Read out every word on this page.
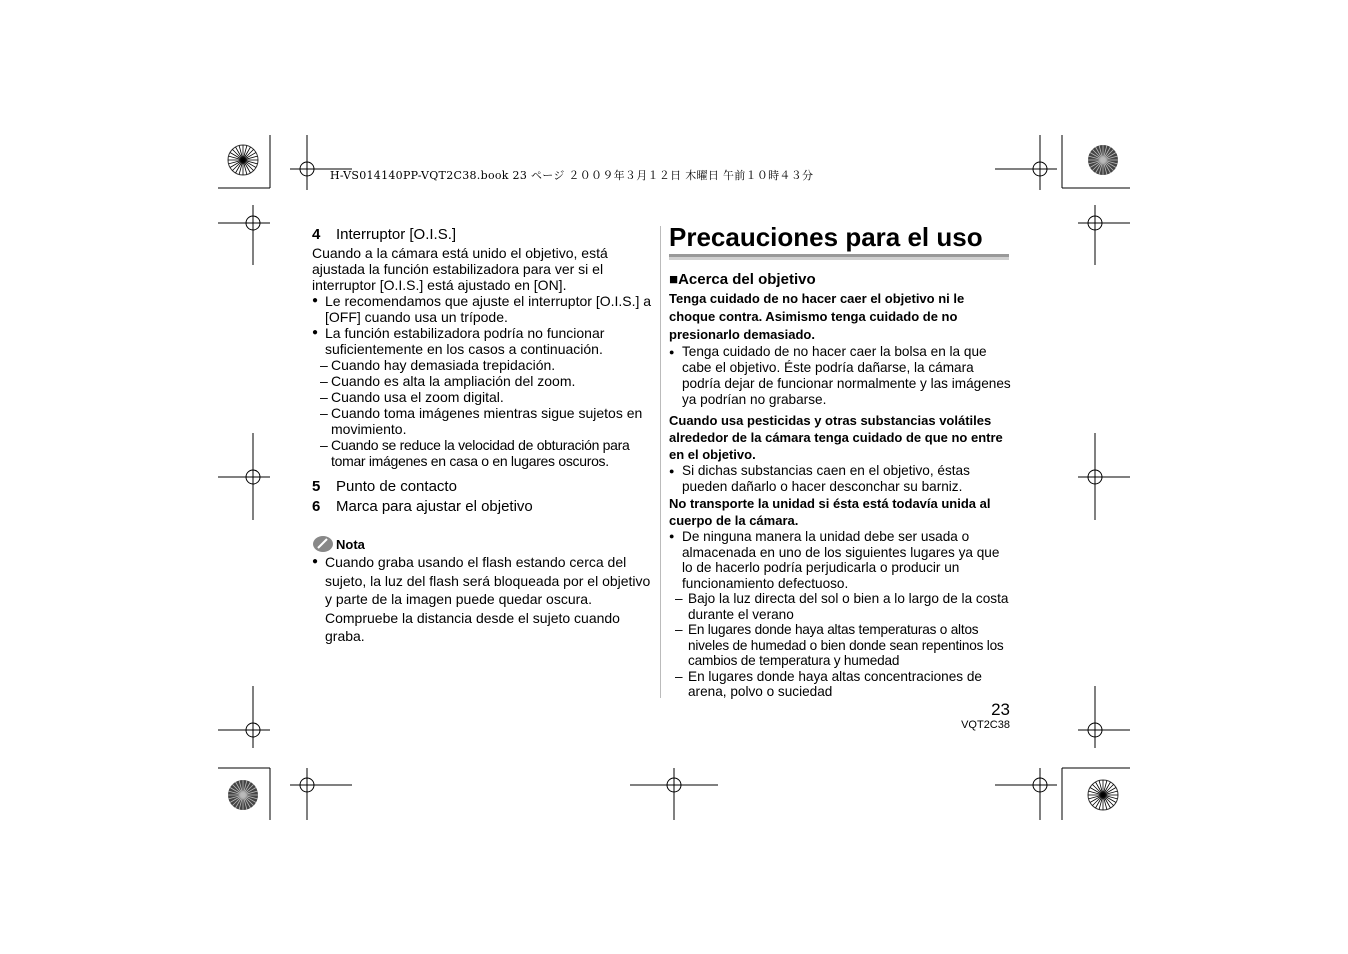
H-VS014140PP-VQT2C38.book 23 ページ ２００９年３月１２日 木曜日 午前１０時４３分
4 Interruptor [O.I.S.]

Cuando a la cámara está unido el objetivo, está ajustada la función estabilizadora para ver si el interruptor [O.I.S.] está ajustado en [ON].

● Le recomendamos que ajuste el interruptor [O.I.S.] a [OFF] cuando usa un trípode.

● La función estabilizadora podría no funcionar suficientemente en los casos a continuación.

– Cuando hay demasiada trepidación.

– Cuando es alta la ampliación del zoom.

– Cuando usa el zoom digital.

– Cuando toma imágenes mientras sigue sujetos en movimiento.

– Cuando se reduce la velocidad de obturación para tomar imágenes en casa o en lugares oscuros.

5 Punto de contacto
6 Marca para ajustar el objetivo
Nota

● Cuando graba usando el flash estando cerca del sujeto, la luz del flash será bloqueada por el objetivo y parte de la imagen puede quedar oscura. Compruebe la distancia desde el sujeto cuando graba.

Precauciones para el uso
■Acerca del objetivo

Tenga cuidado de no hacer caer el objetivo ni le choque contra. Asimismo tenga cuidado de no presionarlo demasiado.

● Tenga cuidado de no hacer caer la bolsa en la que cabe el objetivo. Éste podría dañarse, la cámara podría dejar de funcionar normalmente y las imágenes ya podrían no grabarse.

Cuando usa pesticidas y otras substancias volátiles alrededor de la cámara tenga cuidado de que no entre en el objetivo.

● Si dichas substancias caen en el objetivo, éstas pueden dañarlo o hacer desconchar su barniz.

No transporte la unidad si ésta está todavía unida al cuerpo de la cámara.

● De ninguna manera la unidad debe ser usada o almacenada en uno de los siguientes lugares ya que lo de hacerlo podría perjudicarla o producir un funcionamiento defectuoso.

– Bajo la luz directa del sol o bien a lo largo de la costa durante el verano

– En lugares donde haya altas temperaturas o altos niveles de humedad o bien donde sean repentinos los cambios de temperatura y humedad

– En lugares donde haya altas concentraciones de arena, polvo o suciedad

23
VQT2C38
